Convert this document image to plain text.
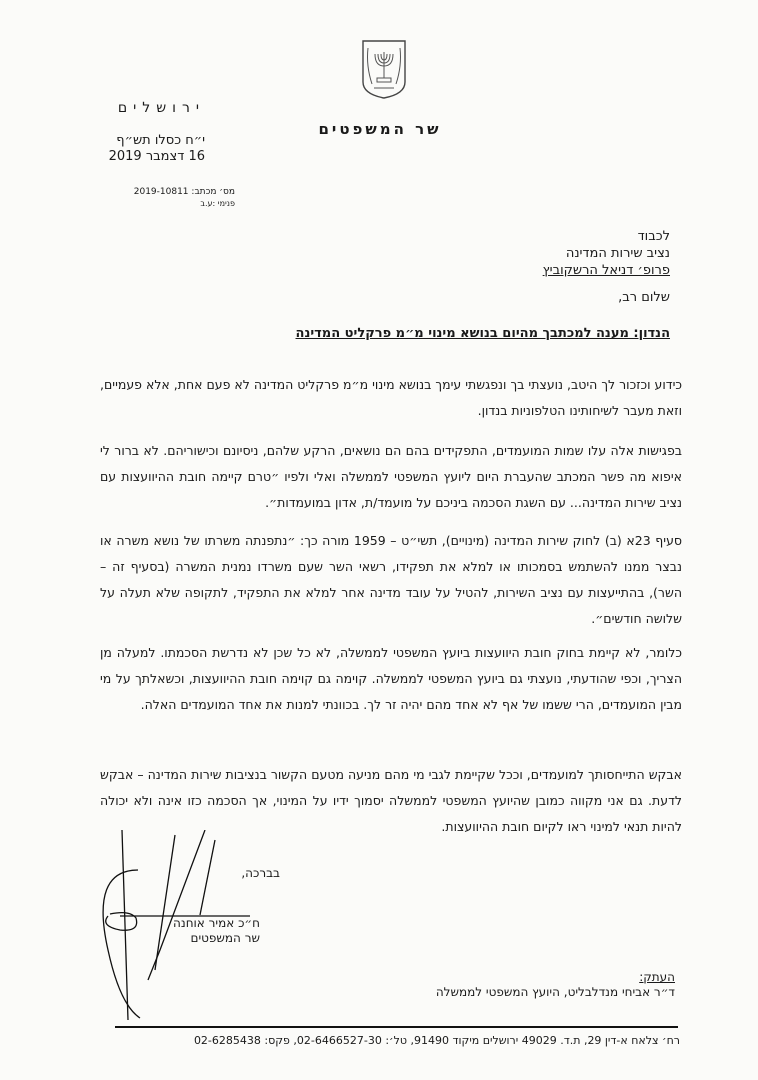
שר המשפטים
ירושלים
י״ח כסלו תש״ף
16 דצמבר 2019
מס׳ מכתב: 2019-10811
פנימי :ע.ב
לכבוד
נציב שירות המדינה
פרופ׳ דניאל הרשקוביץ
שלום רב,
הנדון: מענה למכתבך מהיום בנושא מינוי מ״מ פרקליט המדינה
כידוע וכזכור לך היטב, נועצתי בך ונפגשתי עימך בנושא מינוי מ״מ פרקליט המדינה לא פעם אחת, אלא פעמיים, וזאת מעבר לשיחותינו הטלפוניות בנדון.
בפגישות אלה עלו שמות המועמדים, התפקידים בהם הם נושאים, הרקע שלהם, ניסיונם וכישוריהם. לא ברור לי איפוא מה פשר המכתב שהעברת היום ליועץ המשפטי לממשלה ואלי ולפיו ״טרם קיימה חובת ההיוועצות עם נציב שירות המדינה... עם השגת הסכמה ביניכם על מועמד/ת, אדון במועמדות״.
סעיף 23א (ב) לחוק שירות המדינה (מינויים), תשי״ט – 1959 מורה כך: ״נתפנתה משרתו של נושא משרה או נבצר ממנו להשתמש בסמכותו או למלא את תפקידו, רשאי השר שעם משרדו נמנית המשרה (בסעיף זה – השר), בהתייעצות עם נציב השירות, להטיל על עובד מדינה אחר למלא את התפקיד, לתקופה שלא תעלה על שלושה חודשים״.
כלומר, לא קיימת בחוק חובת היוועצות ביועץ המשפטי לממשלה, לא כל שכן לא נדרשת הסכמתו. למעלה מן הצריך, וכפי שהודעתי, נועצתי גם ביועץ המשפטי לממשלה. קוימה גם קוימה חובת ההיוועצות, וכשאלתך על מי מבין המועמדים, הרי ששמו של אף לא אחד מהם יהיה זר לך. בכוונתי למנות את אחד המועמדים האלה.
אבקש התייחסותך למועמדים, וככל שקיימת לגבי מי מהם מניעה מטעם הקשור בנציבות שירות המדינה – אבקש לדעת. גם אני מקווה כמובן שהיועץ המשפטי לממשלה יסמוך ידיו על המינוי, אך הסכמה כזו אינה ולא יכולה להיות תנאי למינוי ראו לקיום חובת ההיוועצות.
בברכה,
ח״כ אמיר אוחנה
שר המשפטים
העתק:
ד״ר אביחי מנדלבליט, היועץ המשפטי לממשלה
רח׳ צלאח א-דין 29, ת.ד. 49029 ירושלים מיקוד 91490, טל׳: 02-6466527-30, פקס: 02-6285438
